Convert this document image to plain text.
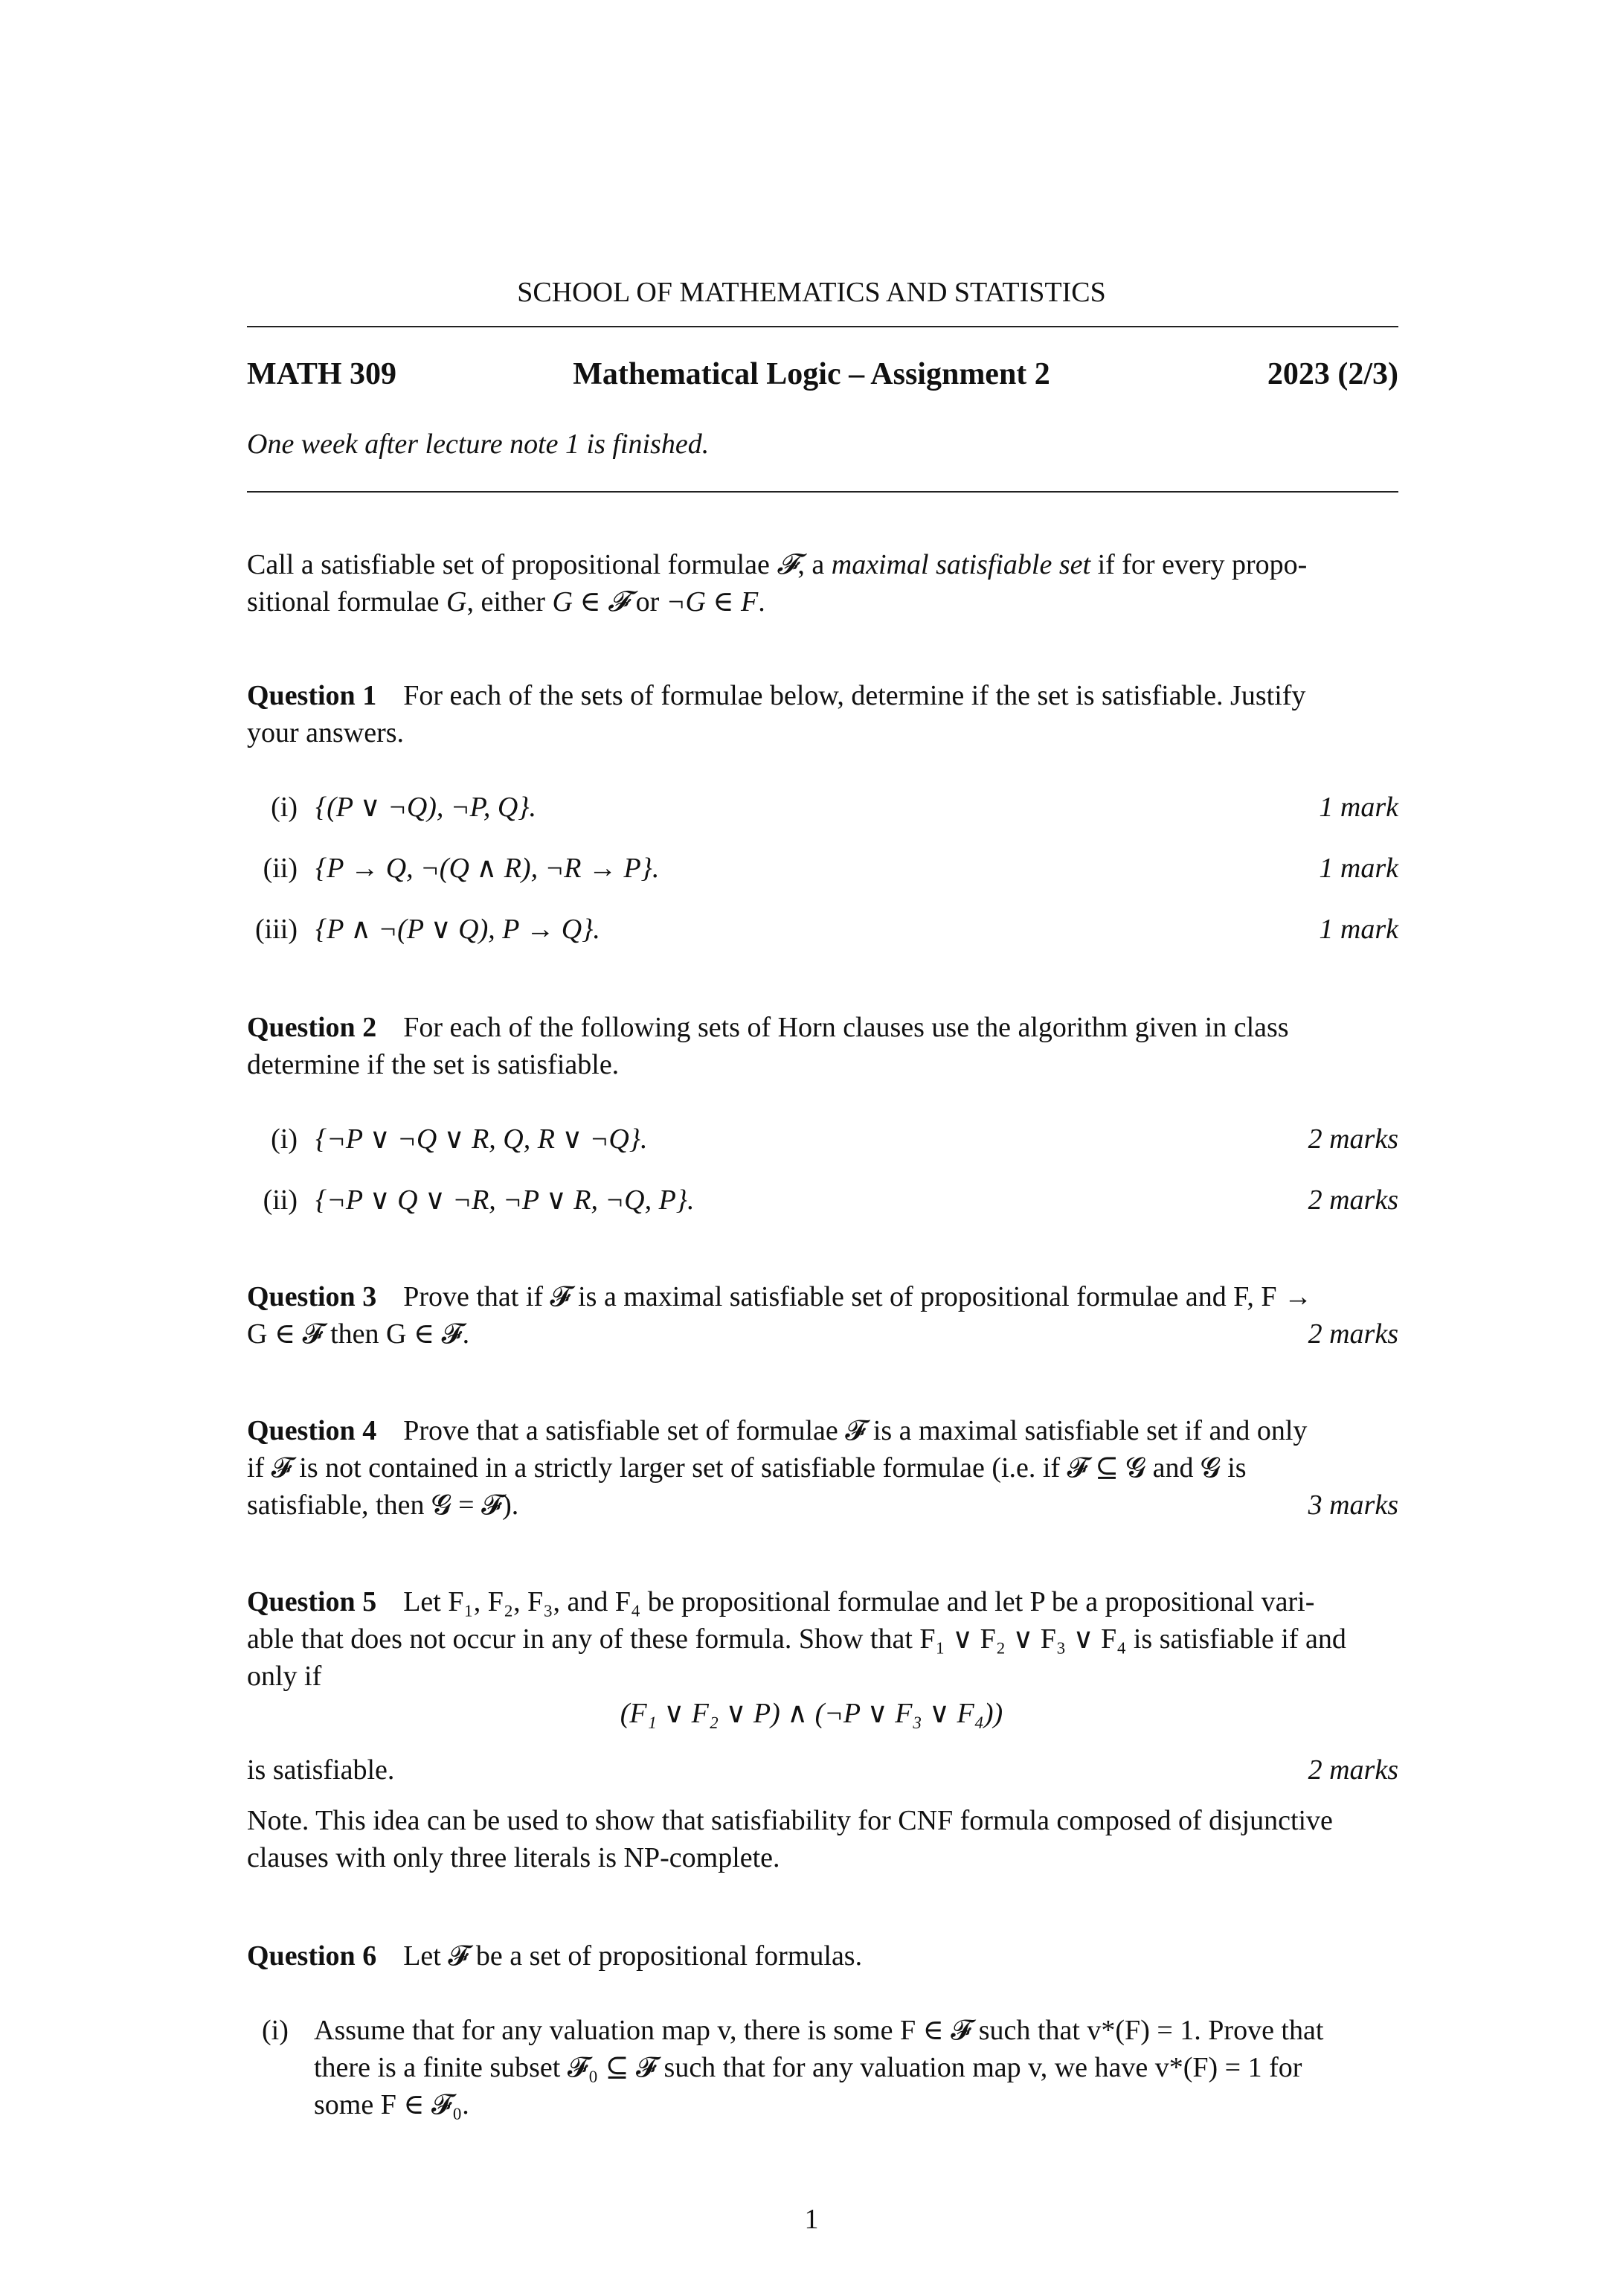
SCHOOL OF MATHEMATICS AND STATISTICS
MATH 309	Mathematical Logic – Assignment 2	2023 (2/3)
One week after lecture note 1 is finished.
Call a satisfiable set of propositional formulae 𝓕, a maximal satisfiable set if for every propo-
sitional formulae G, either G ∈ 𝓕 or ¬G ∈ F.
Question 1 For each of the sets of formulae below, determine if the set is satisfiable. Justify
your answers.
(i) {(P ∨ ¬Q), ¬P, Q}.	1 mark
(ii) {P → Q, ¬(Q ∧ R), ¬R → P}.	1 mark
(iii) {P ∧ ¬(P ∨ Q), P → Q}.	1 mark
Question 2 For each of the following sets of Horn clauses use the algorithm given in class
determine if the set is satisfiable.
(i) {¬P ∨ ¬Q ∨ R, Q, R ∨ ¬Q}.	2 marks
(ii) {¬P ∨ Q ∨ ¬R, ¬P ∨ R, ¬Q, P}.	2 marks
Question 3 Prove that if 𝓕 is a maximal satisfiable set of propositional formulae and F, F →
G ∈ 𝓕 then G ∈ 𝓕.	2 marks
Question 4 Prove that a satisfiable set of formulae 𝓕 is a maximal satisfiable set if and only
if 𝓕 is not contained in a strictly larger set of satisfiable formulae (i.e. if 𝓕 ⊆ 𝓖 and 𝓖 is
satisfiable, then 𝓖 = 𝓕).	3 marks
Question 5 Let F₁, F₂, F₃, and F₄ be propositional formulae and let P be a propositional vari-
able that does not occur in any of these formula. Show that F₁ ∨ F₂ ∨ F₃ ∨ F₄ is satisfiable if and
only if
(F₁ ∨ F₂ ∨ P) ∧ (¬P ∨ F₃ ∨ F₄))
is satisfiable.	2 marks
Note. This idea can be used to show that satisfiability for CNF formula composed of disjunctive
clauses with only three literals is NP-complete.
Question 6 Let 𝓕 be a set of propositional formulas.
(i) Assume that for any valuation map v, there is some F ∈ 𝓕 such that v*(F) = 1. Prove that
there is a finite subset 𝓕₀ ⊆ 𝓕 such that for any valuation map v, we have v*(F) = 1 for
some F ∈ 𝓕₀.
1
